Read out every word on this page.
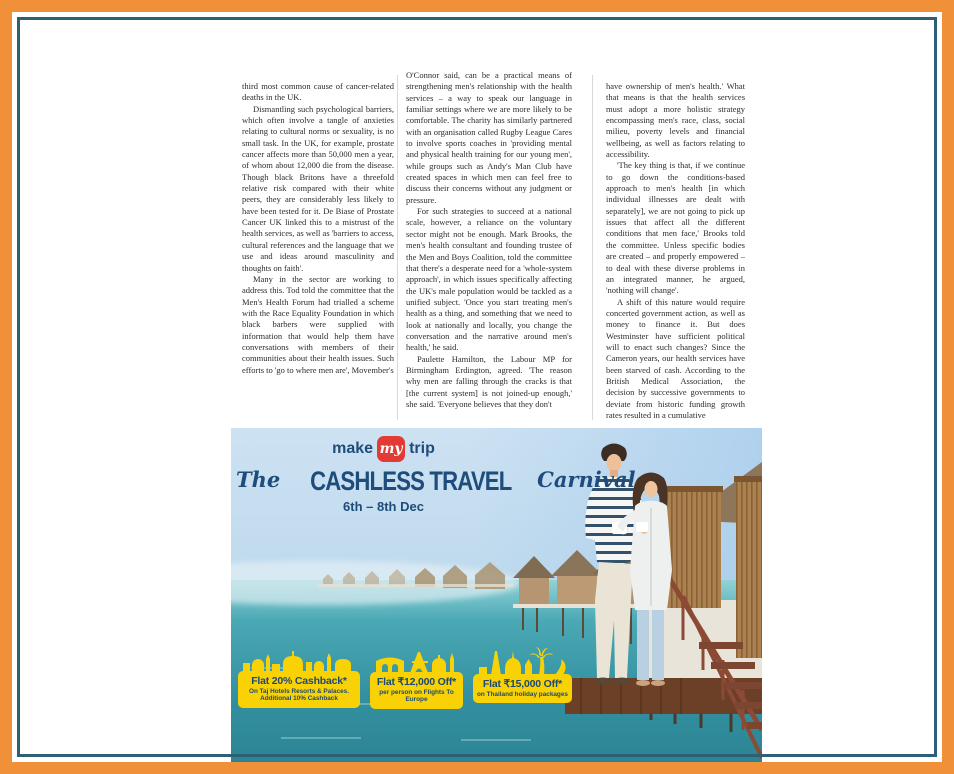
third most common cause of cancer-related deaths in the UK.

Dismantling such psychological barriers, which often involve a tangle of anxieties relating to cultural norms or sexuality, is no small task. In the UK, for example, prostate cancer affects more than 50,000 men a year, of whom about 12,000 die from the disease. Though black Britons have a threefold relative risk compared with their white peers, they are considerably less likely to have been tested for it. De Biase of Prostate Cancer UK linked this to a mistrust of the health services, as well as 'barriers to access, cultural references and the language that we use and ideas around masculinity and thoughts on faith'.

Many in the sector are working to address this. Tod told the committee that the Men's Health Forum had trialled a scheme with the Race Equality Foundation in which black barbers were supplied with information that would help them have conversations with members of their communities about their health issues. Such efforts to 'go to where men are', Movember's

O'Connor said, can be a practical means of strengthening men's relationship with the health services – a way to speak our language in familiar settings where we are more likely to be comfortable. The charity has similarly partnered with an organisation called Rugby League Cares to involve sports coaches in 'providing mental and physical health training for our young men', while groups such as Andy's Man Club have created spaces in which men can feel free to discuss their concerns without any judgment or pressure.

For such strategies to succeed at a national scale, however, a reliance on the voluntary sector might not be enough. Mark Brooks, the men's health consultant and founding trustee of the Men and Boys Coalition, told the committee that there's a desperate need for a 'whole-system approach', in which issues specifically affecting the UK's male population would be tackled as a unified subject. 'Once you start treating men's health as a thing, and something that we need to look at nationally and locally, you change the conversation and the narrative around men's health,' he said.

Paulette Hamilton, the Labour MP for Birmingham Erdington, agreed. 'The reason why men are falling through the cracks is that [the current system] is not joined-up enough,' she said. 'Everyone believes that they don't

have ownership of men's health.' What that means is that the health services must adopt a more holistic strategy encompassing men's race, class, social milieu, poverty levels and financial wellbeing, as well as factors relating to accessibility.

'The key thing is that, if we continue to go down the conditions-based approach to men's health [in which individual illnesses are dealt with separately], we are not going to pick up issues that affect all the different conditions that men face,' Brooks told the committee. Unless specific bodies are created – and properly empowered – to deal with these diverse problems in an integrated manner, he argued, 'nothing will change'.

A shift of this nature would require concerted government action, as well as money to finance it. But does Westminster have sufficient political will to enact such changes? Since the Cameron years, our health services have been starved of cash. According to the British Medical Association, the decision by successive governments to deviate from historic funding growth rates resulted in a cumulative

make my trip
The CASHLESS TRAVEL Carnival
6th – 8th Dec
Flat 20% Cashback*
On Taj Hotels Resorts & Palaces. Additional 10% Cashback
Flat ₹12,000 Off*
per person on Flights To Europe
Flat ₹15,000 Off*
on Thailand holiday packages
